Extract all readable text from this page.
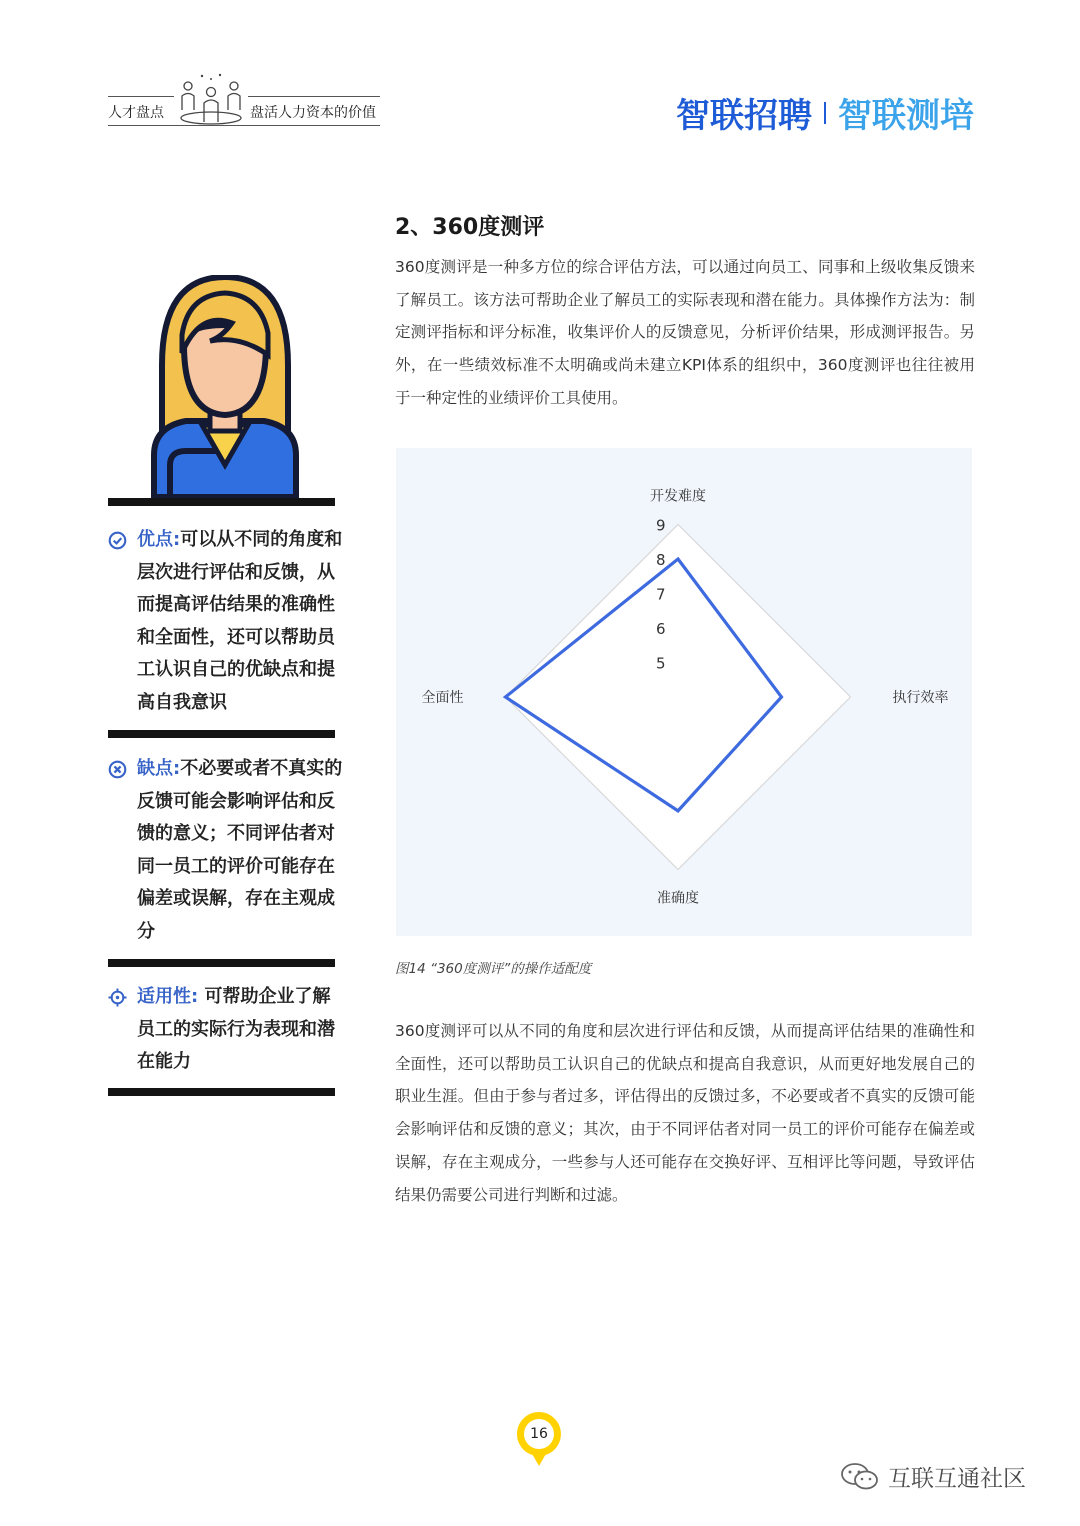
人才盘点	盘活人力资本的价值	智联招聘 智联测培
优点:可以从不同的角度和层次进行评估和反馈，从而提高评估结果的准确性和全面性，还可以帮助员工认识自己的优缺点和提高自我意识
缺点:不必要或者不真实的反馈可能会影响评估和反馈的意义；不同评估者对同一员工的评价可能存在偏差或误解，存在主观成分
适用性: 可帮助企业了解员工的实际行为表现和潜在能力
2、360度测评
360度测评是一种多方位的综合评估方法，可以通过向员工、同事和上级收集反馈来了解员工。该方法可帮助企业了解员工的实际表现和潜在能力。具体操作方法为：制定测评指标和评分标准，收集评价人的反馈意见，分析评价结果，形成测评报告。另外，在一些绩效标准不太明确或尚未建立KPI体系的组织中，360度测评也往往被用于一种定性的业绩评价工具使用。
5
6
7
8
9
开发难度
执行效率
准确度
全面性
图14 “360度测评”的操作适配度
360度测评可以从不同的角度和层次进行评估和反馈，从而提高评估结果的准确性和全面性，还可以帮助员工认识自己的优缺点和提高自我意识，从而更好地发展自己的职业生涯。但由于参与者过多，评估得出的反馈过多，不必要或者不真实的反馈可能会影响评估和反馈的意义；其次，由于不同评估者对同一员工的评价可能存在偏差或误解，存在主观成分，一些参与人还可能存在交换好评、互相评比等问题，导致评估结果仍需要公司进行判断和过滤。
16
互联互通社区
